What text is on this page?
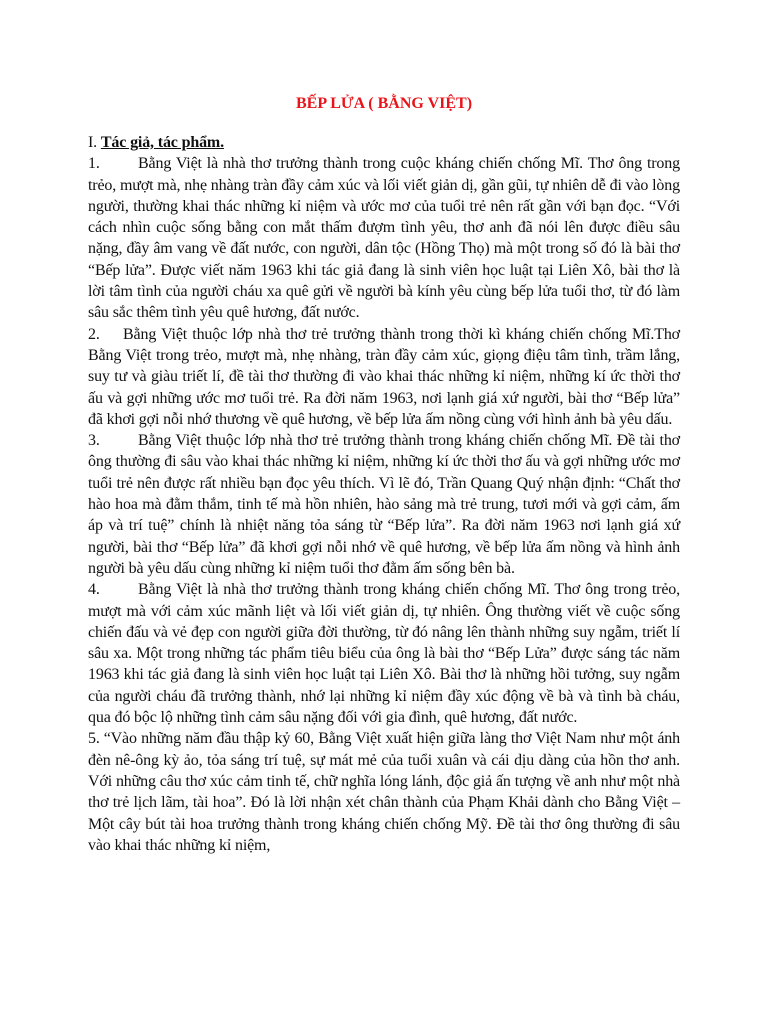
BẾP LỬA ( BẰNG VIỆT)

I. Tác giả, tác phẩm.

1. Bằng Việt là nhà thơ trưởng thành trong cuộc kháng chiến chống Mĩ. Thơ ông trong trẻo, mượt mà, nhẹ nhàng tràn đầy cảm xúc và lối viết giản dị, gần gũi, tự nhiên dễ đi vào lòng người, thường khai thác những kỉ niệm và ước mơ của tuổi trẻ nên rất gần với bạn đọc. “Với cách nhìn cuộc sống bằng con mắt thấm đượm tình yêu, thơ anh đã nói lên được điều sâu nặng, đầy âm vang về đất nước, con người, dân tộc (Hồng Thọ) mà một trong số đó là bài thơ “Bếp lửa”. Được viết năm 1963 khi tác giả đang là sinh viên học luật tại Liên Xô, bài thơ là lời tâm tình của người cháu xa quê gửi về người bà kính yêu cùng bếp lửa tuổi thơ, từ đó làm sâu sắc thêm tình yêu quê hương, đất nước.

2. Bằng Việt thuộc lớp nhà thơ trẻ trưởng thành trong thời kì kháng chiến chống Mĩ.Thơ Bằng Việt trong trẻo, mượt mà, nhẹ nhàng, tràn đầy cảm xúc, giọng điệu tâm tình, trầm lắng, suy tư và giàu triết lí, đề tài thơ thường đi vào khai thác những kỉ niệm, những kí ức thời thơ ấu và gợi những ước mơ tuổi trẻ. Ra đời năm 1963, nơi lạnh giá xứ người, bài thơ “Bếp lửa” đã khơi gợi nỗi nhớ thương về quê hương, về bếp lửa ấm nồng cùng với hình ảnh bà yêu dấu.

3. Bằng Việt thuộc lớp nhà thơ trẻ trưởng thành trong kháng chiến chống Mĩ. Đề tài thơ ông thường đi sâu vào khai thác những kỉ niệm, những kí ức thời thơ ấu và gợi những ước mơ tuổi trẻ nên được rất nhiều bạn đọc yêu thích. Vì lẽ đó, Trần Quang Quý nhận định: “Chất thơ hào hoa mà đằm thắm, tinh tế mà hồn nhiên, hào sảng mà trẻ trung, tươi mới và gợi cảm, ấm áp và trí tuệ” chính là nhiệt năng tỏa sáng từ “Bếp lửa”. Ra đời năm 1963 nơi lạnh giá xứ người, bài thơ “Bếp lửa” đã khơi gợi nỗi nhớ về quê hương, về bếp lửa ấm nồng và hình ảnh người bà yêu dấu cùng những kỉ niệm tuổi thơ đằm ấm sống bên bà.

4. Bằng Việt là nhà thơ trưởng thành trong kháng chiến chống Mĩ. Thơ ông trong trẻo, mượt mà với cảm xúc mãnh liệt và lối viết giản dị, tự nhiên. Ông thường viết về cuộc sống chiến đấu và vẻ đẹp con người giữa đời thường, từ đó nâng lên thành những suy ngẫm, triết lí sâu xa. Một trong những tác phẩm tiêu biểu của ông là bài thơ “Bếp Lửa” được sáng tác năm 1963 khi tác giả đang là sinh viên học luật tại Liên Xô. Bài thơ là những hồi tưởng, suy ngẫm của người cháu đã trưởng thành, nhớ lại những kỉ niệm đầy xúc động về bà và tình bà cháu, qua đó bộc lộ những tình cảm sâu nặng đối với gia đình, quê hương, đất nước.

5. “Vào những năm đầu thập kỷ 60, Bằng Việt xuất hiện giữa làng thơ Việt Nam như một ánh đèn nê-ông kỳ ảo, tỏa sáng trí tuệ, sự mát mẻ của tuổi xuân và cái dịu dàng của hồn thơ anh. Với những câu thơ xúc cảm tinh tế, chữ nghĩa lóng lánh, độc giả ấn tượng về anh như một nhà thơ trẻ lịch lãm, tài hoa”. Đó là lời nhận xét chân thành của Phạm Khải dành cho Bằng Việt – Một cây bút tài hoa trưởng thành trong kháng chiến chống Mỹ. Đề tài thơ ông thường đi sâu vào khai thác những kỉ niệm,
